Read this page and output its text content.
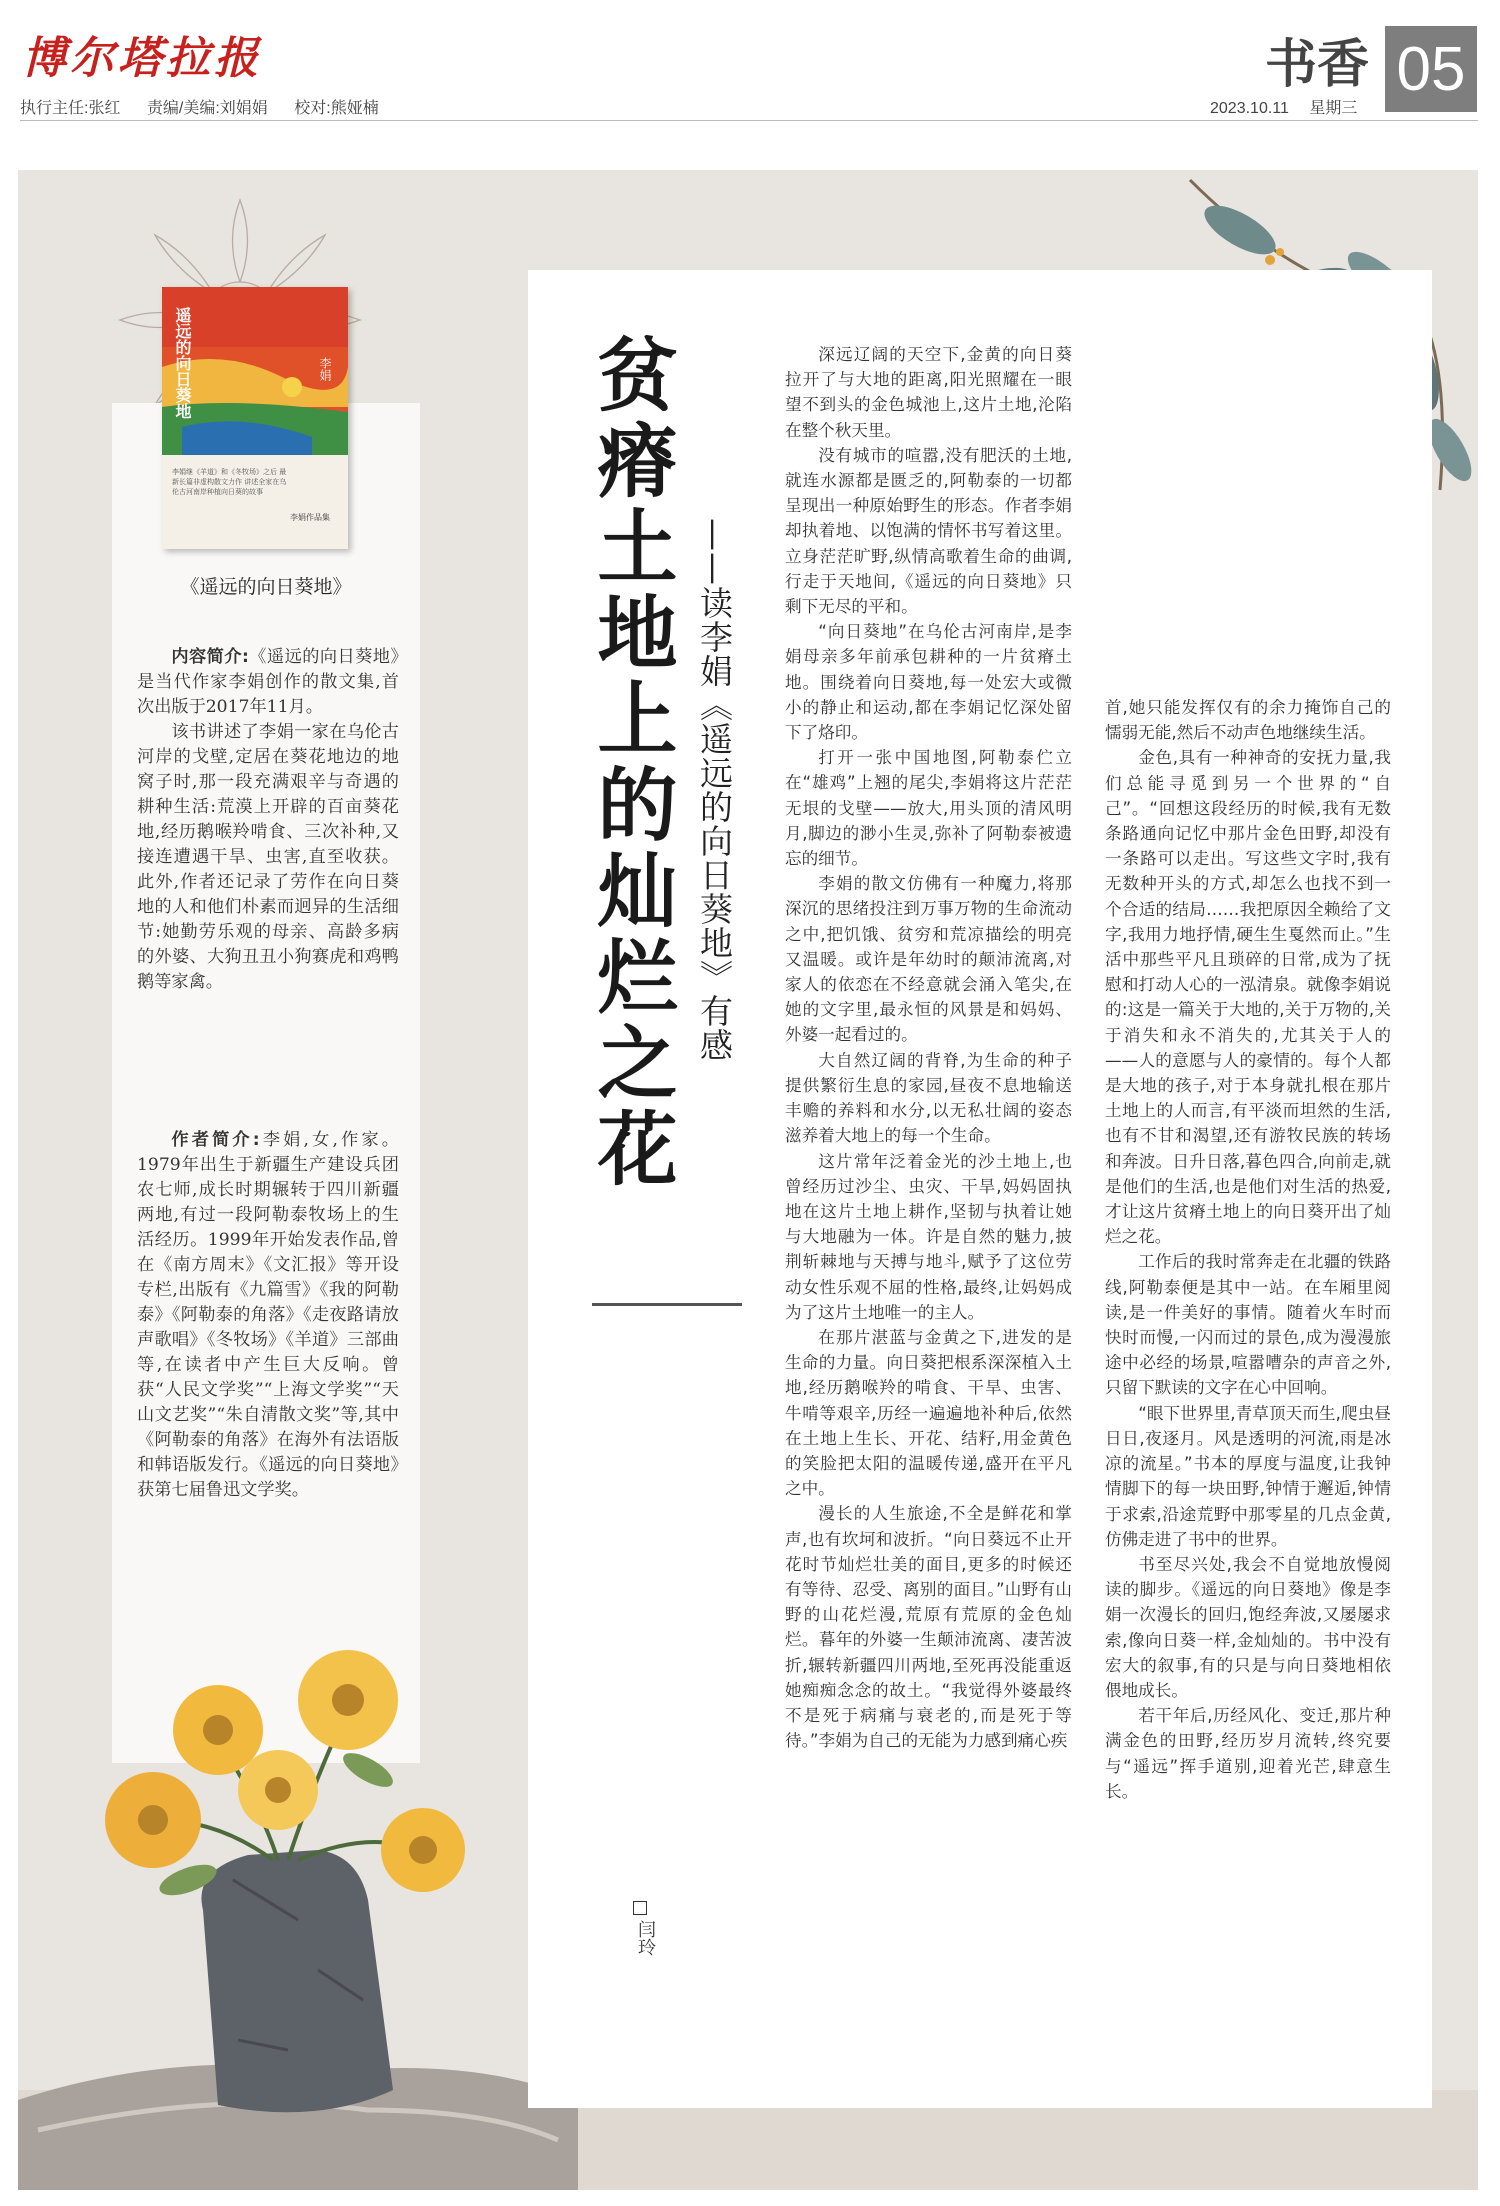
博尔塔拉报
执行主任:张红 责编/美编:刘娟娟 校对:熊娅楠
书香 05
2023.10.11 星期三
遥远的向日葵地	李娟
李娟继《羊道》和《冬牧场》之后 最新长篇非虚构散文力作 讲述全家在乌伦古河南岸种植向日葵的故事
李娟作品集
《遥远的向日葵地》

内容简介:《遥远的向日葵地》是当代作家李娟创作的散文集,首次出版于2017年11月。

该书讲述了李娟一家在乌伦古河岸的戈壁,定居在葵花地边的地窝子时,那一段充满艰辛与奇遇的耕种生活:荒漠上开辟的百亩葵花地,经历鹅喉羚啃食、三次补种,又接连遭遇干旱、虫害,直至收获。此外,作者还记录了劳作在向日葵地的人和他们朴素而迥异的生活细节:她勤劳乐观的母亲、高龄多病的外婆、大狗丑丑小狗赛虎和鸡鸭鹅等家禽。

作者简介:李娟,女,作家。1979年出生于新疆生产建设兵团农七师,成长时期辗转于四川新疆两地,有过一段阿勒泰牧场上的生活经历。1999年开始发表作品,曾在《南方周末》《文汇报》等开设专栏,出版有《九篇雪》《我的阿勒泰》《阿勒泰的角落》《走夜路请放声歌唱》《冬牧场》《羊道》三部曲等,在读者中产生巨大反响。曾获“人民文学奖”“上海文学奖”“天山文艺奖”“朱自清散文奖”等,其中《阿勒泰的角落》在海外有法语版和韩语版发行。《遥远的向日葵地》获第七届鲁迅文学奖。

贫瘠土地上的灿烂之花 ——读李娟《遥远的向日葵地》有感
闫玲

深远辽阔的天空下,金黄的向日葵拉开了与大地的距离,阳光照耀在一眼望不到头的金色城池上,这片土地,沦陷在整个秋天里。

没有城市的喧嚣,没有肥沃的土地,就连水源都是匮乏的,阿勒泰的一切都呈现出一种原始野生的形态。作者李娟却执着地、以饱满的情怀书写着这里。立身茫茫旷野,纵情高歌着生命的曲调,行走于天地间,《遥远的向日葵地》只剩下无尽的平和。

“向日葵地”在乌伦古河南岸,是李娟母亲多年前承包耕种的一片贫瘠土地。围绕着向日葵地,每一处宏大或微小的静止和运动,都在李娟记忆深处留下了烙印。

打开一张中国地图,阿勒泰伫立在“雄鸡”上翘的尾尖,李娟将这片茫茫无垠的戈壁——放大,用头顶的清风明月,脚边的渺小生灵,弥补了阿勒泰被遗忘的细节。

李娟的散文仿佛有一种魔力,将那深沉的思绪投注到万事万物的生命流动之中,把饥饿、贫穷和荒凉描绘的明亮又温暖。或许是年幼时的颠沛流离,对家人的依恋在不经意就会涌入笔尖,在她的文字里,最永恒的风景是和妈妈、外婆一起看过的。

大自然辽阔的背脊,为生命的种子提供繁衍生息的家园,昼夜不息地输送丰赡的养料和水分,以无私壮阔的姿态滋养着大地上的每一个生命。

这片常年泛着金光的沙土地上,也曾经历过沙尘、虫灾、干旱,妈妈固执地在这片土地上耕作,坚韧与执着让她与大地融为一体。许是自然的魅力,披荆斩棘地与天搏与地斗,赋予了这位劳动女性乐观不屈的性格,最终,让妈妈成为了这片土地唯一的主人。

在那片湛蓝与金黄之下,进发的是生命的力量。向日葵把根系深深植入土地,经历鹅喉羚的啃食、干旱、虫害、牛啃等艰辛,历经一遍遍地补种后,依然在土地上生长、开花、结籽,用金黄色的笑脸把太阳的温暖传递,盛开在平凡之中。

漫长的人生旅途,不全是鲜花和掌声,也有坎坷和波折。“向日葵远不止开花时节灿烂壮美的面目,更多的时候还有等待、忍受、离别的面目。”山野有山野的山花烂漫,荒原有荒原的金色灿烂。暮年的外婆一生颠沛流离、凄苦波折,辗转新疆四川两地,至死再没能重返她痴痴念念的故土。“我觉得外婆最终不是死于病痛与衰老的,而是死于等待。”李娟为自己的无能为力感到痛心疾

首,她只能发挥仅有的余力掩饰自己的懦弱无能,然后不动声色地继续生活。

金色,具有一种神奇的安抚力量,我们总能寻觅到另一个世界的“自己”。“回想这段经历的时候,我有无数条路通向记忆中那片金色田野,却没有一条路可以走出。写这些文字时,我有无数种开头的方式,却怎么也找不到一个合适的结局……我把原因全赖给了文字,我用力地抒情,硬生生戛然而止。”生活中那些平凡且琐碎的日常,成为了抚慰和打动人心的一泓清泉。就像李娟说的:这是一篇关于大地的,关于万物的,关于消失和永不消失的,尤其关于人的——人的意愿与人的豪情的。每个人都是大地的孩子,对于本身就扎根在那片土地上的人而言,有平淡而坦然的生活,也有不甘和渴望,还有游牧民族的转场和奔波。日升日落,暮色四合,向前走,就是他们的生活,也是他们对生活的热爱,才让这片贫瘠土地上的向日葵开出了灿烂之花。

工作后的我时常奔走在北疆的铁路线,阿勒泰便是其中一站。在车厢里阅读,是一件美好的事情。随着火车时而快时而慢,一闪而过的景色,成为漫漫旅途中必经的场景,喧嚣嘈杂的声音之外,只留下默读的文字在心中回响。

“眼下世界里,青草顶天而生,爬虫昼日日,夜逐月。风是透明的河流,雨是冰凉的流星。”书本的厚度与温度,让我钟情脚下的每一块田野,钟情于邂逅,钟情于求索,沿途荒野中那零星的几点金黄,仿佛走进了书中的世界。

书至尽兴处,我会不自觉地放慢阅读的脚步。《遥远的向日葵地》像是李娟一次漫长的回归,饱经奔波,又屡屡求索,像向日葵一样,金灿灿的。书中没有宏大的叙事,有的只是与向日葵地相依偎地成长。

若干年后,历经风化、变迁,那片种满金色的田野,经历岁月流转,终究要与“遥远”挥手道别,迎着光芒,肆意生长。
